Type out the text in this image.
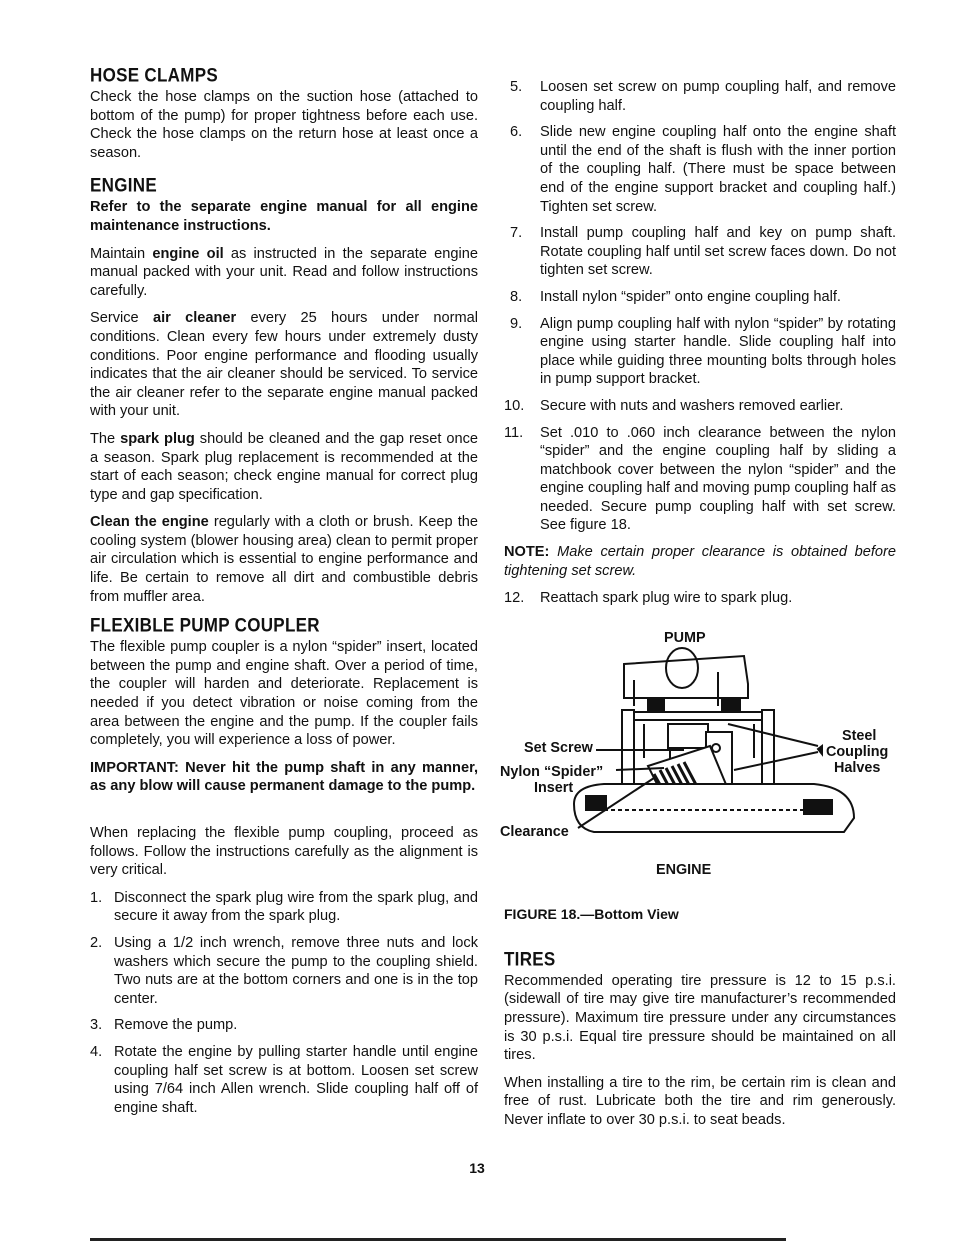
HOSE CLAMPS

Check the hose clamps on the suction hose (attached to bottom of the pump) for proper tightness before each use. Check the hose clamps on the return hose at least once a season.

ENGINE

Refer to the separate engine manual for all engine maintenance instructions.

Maintain engine oil as instructed in the separate engine manual packed with your unit. Read and follow instructions carefully.

Service air cleaner every 25 hours under normal conditions. Clean every few hours under extremely dusty conditions. Poor engine performance and flooding usually indicates that the air cleaner should be serviced. To service the air cleaner refer to the separate engine manual packed with your unit.

The spark plug should be cleaned and the gap reset once a season. Spark plug replacement is recommended at the start of each season; check engine manual for correct plug type and gap specification.

Clean the engine regularly with a cloth or brush. Keep the cooling system (blower housing area) clean to permit proper air circulation which is essential to engine performance and life. Be certain to remove all dirt and combustible debris from muffler area.

FLEXIBLE PUMP COUPLER

The flexible pump coupler is a nylon “spider” insert, located between the pump and engine shaft. Over a period of time, the coupler will harden and deteriorate. Replacement is needed if you detect vibration or noise coming from the area between the engine and the pump. If the coupler fails completely, you will experience a loss of power.

IMPORTANT: Never hit the pump shaft in any manner, as any blow will cause permanent damage to the pump.

When replacing the flexible pump coupling, proceed as follows. Follow the instructions carefully as the alignment is very critical.

1. Disconnect the spark plug wire from the spark plug, and secure it away from the spark plug.
2. Using a 1/2 inch wrench, remove three nuts and lock washers which secure the pump to the coupling shield. Two nuts are at the bottom corners and one is in the top center.
3. Remove the pump.
4. Rotate the engine by pulling starter handle until engine coupling half set screw is at bottom. Loosen set screw using 7/64 inch Allen wrench. Slide coupling half off of engine shaft.
5. Loosen set screw on pump coupling half, and remove coupling half.
6. Slide new engine coupling half onto the engine shaft until the end of the shaft is flush with the inner portion of the coupling half. (There must be space between end of the engine support bracket and coupling half.) Tighten set screw.
7. Install pump coupling half and key on pump shaft. Rotate coupling half until set screw faces down. Do not tighten set screw.
8. Install nylon “spider” onto engine coupling half.
9. Align pump coupling half with nylon “spider” by rotating engine using starter handle. Slide coupling half into place while guiding three mounting bolts through holes in pump support bracket.
10. Secure with nuts and washers removed earlier.
11. Set .010 to .060 inch clearance between the nylon “spider” and the engine coupling half by sliding a matchbook cover between the nylon “spider” and the engine coupling half and moving pump coupling half as needed. Secure pump coupling half with set screw. See figure 18.

NOTE: Make certain proper clearance is obtained before tightening set screw.

12. Reattach spark plug wire to spark plug.
PUMP
Set Screw
Nylon “Spider”
Insert
Clearance
Steel
Coupling
Halves
ENGINE
FIGURE 18.—Bottom View
TIRES

Recommended operating tire pressure is 12 to 15 p.s.i. (sidewall of tire may give tire manufacturer’s recommended pressure). Maximum tire pressure under any circumstances is 30 p.s.i. Equal tire pressure should be maintained on all tires.

When installing a tire to the rim, be certain rim is clean and free of rust. Lubricate both the tire and rim generously. Never inflate to over 30 p.s.i. to seat beads.

13
